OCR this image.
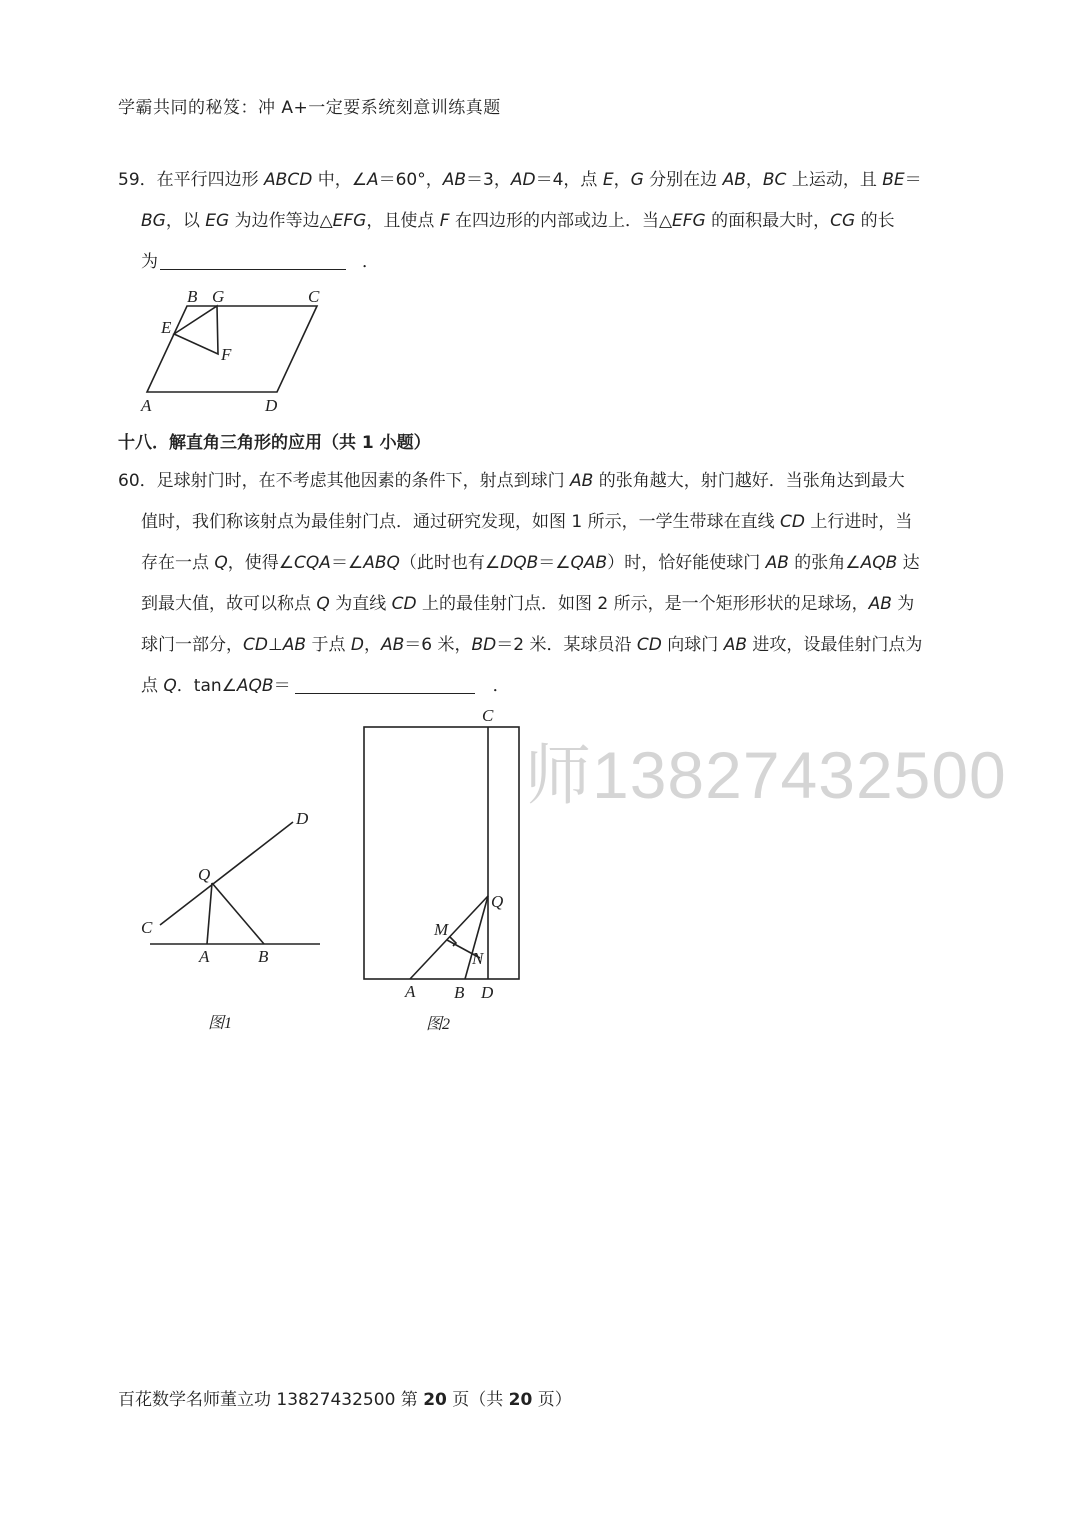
学霸共同的秘笈：冲 A+一定要系统刻意训练真题
59．在平行四边形 ABCD 中，∠A＝60°，AB＝3，AD＝4，点 E，G 分别在边 AB，BC 上运动，且 BE＝
BG，以 EG 为边作等边△EFG，且使点 F 在四边形的内部或边上．当△EFG 的面积最大时，CG 的长
为	．
B G	C
E
F
A	D
十八．解直角三角形的应用（共 1 小题）
60．足球射门时，在不考虑其他因素的条件下，射点到球门 AB 的张角越大，射门越好．当张角达到最大
值时，我们称该射点为最佳射门点．通过研究发现，如图 1 所示，一学生带球在直线 CD 上行进时，当
存在一点 Q，使得∠CQA＝∠ABQ（此时也有∠DQB＝∠QAB）时，恰好能使球门 AB 的张角∠AQB 达
到最大值，故可以称点 Q 为直线 CD 上的最佳射门点．如图 2 所示，是一个矩形形状的足球场，AB 为
球门一部分，CD⊥AB 于点 D，AB＝6 米，BD＝2 米．某球员沿 CD 向球门 AB 进攻，设最佳射门点为
点 Q．tan∠AQB＝	．
师13827432500
D
Q
C
A	B
图1
C
Q
M
N
A B D
图2
百花数学名师董立功 13827432500 第 20 页（共 20 页）
